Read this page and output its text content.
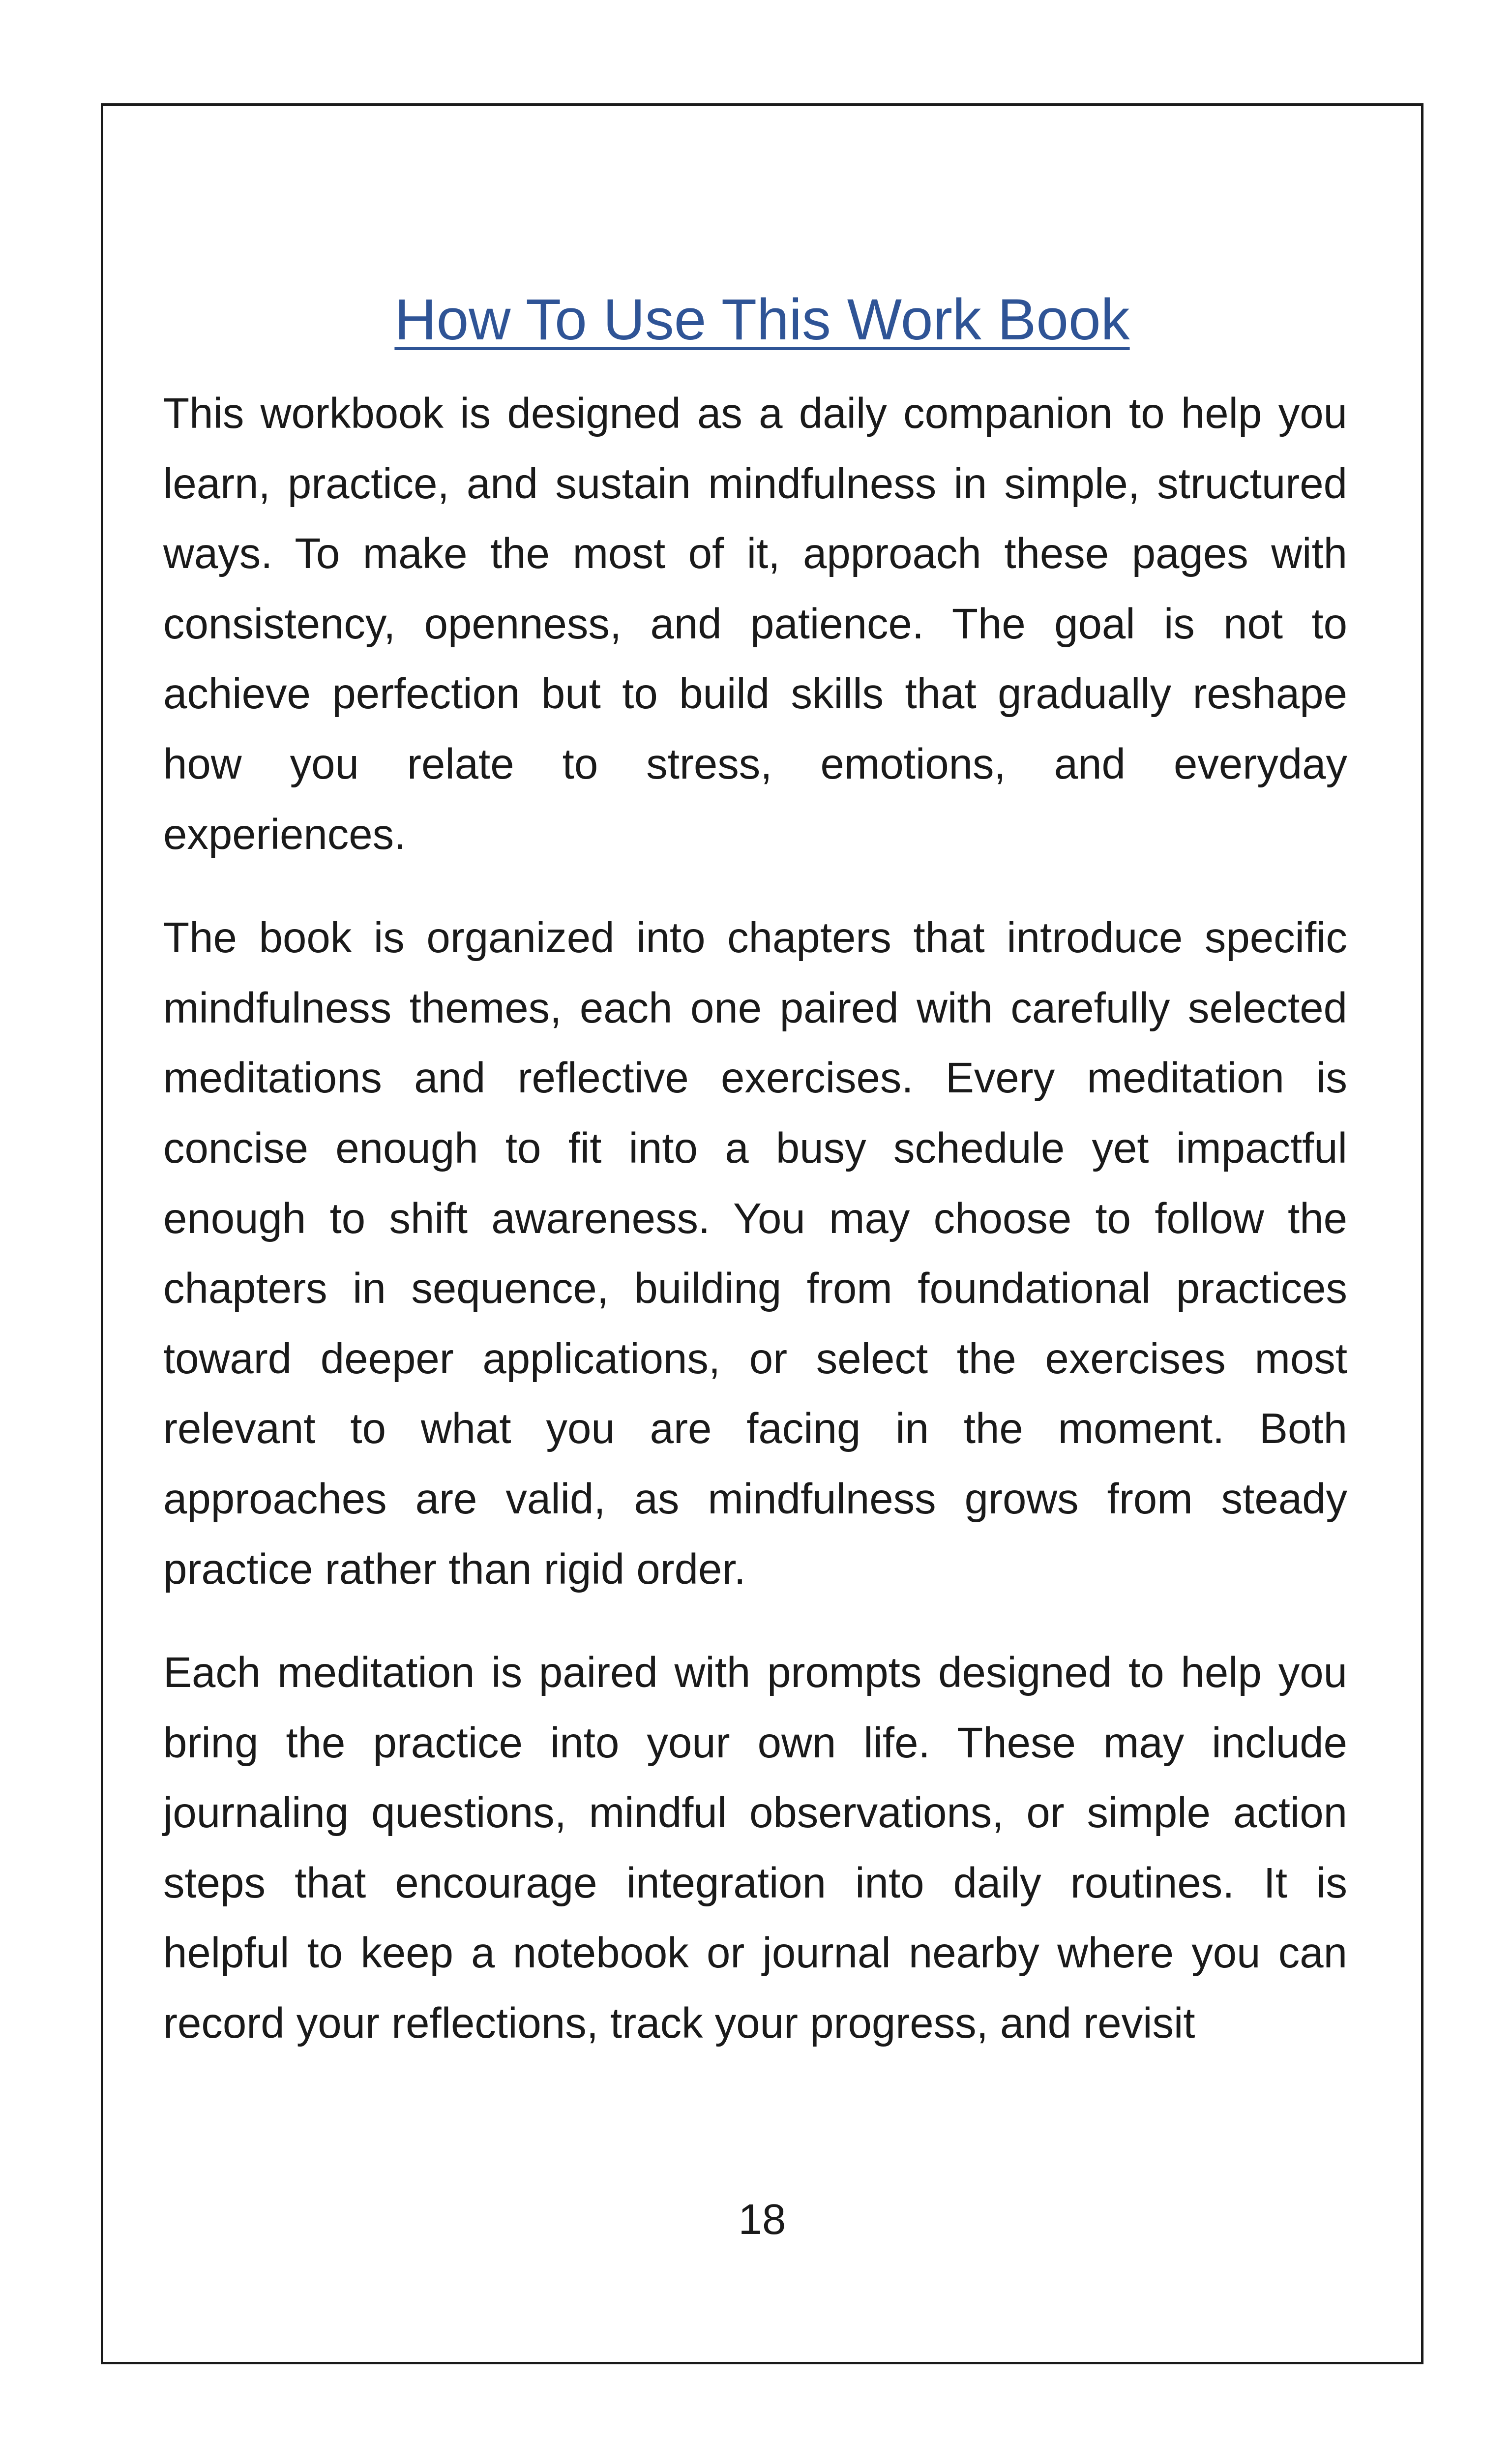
How To Use This Work Book

This workbook is designed as a daily companion to help you learn, practice, and sustain mindfulness in simple, structured ways. To make the most of it, approach these pages with consistency, openness, and patience. The goal is not to achieve perfection but to build skills that gradually reshape how you relate to stress, emotions, and everyday experiences.

The book is organized into chapters that introduce specific mindfulness themes, each one paired with carefully selected meditations and reflective exercises. Every meditation is concise enough to fit into a busy schedule yet impactful enough to shift awareness. You may choose to follow the chapters in sequence, building from foundational practices toward deeper applications, or select the exercises most relevant to what you are facing in the moment. Both approaches are valid, as mindfulness grows from steady practice rather than rigid order.

Each meditation is paired with prompts designed to help you bring the practice into your own life. These may include journaling questions, mindful observations, or simple action steps that encourage integration into daily routines. It is helpful to keep a notebook or journal nearby where you can record your reflections, track your progress, and revisit

18
